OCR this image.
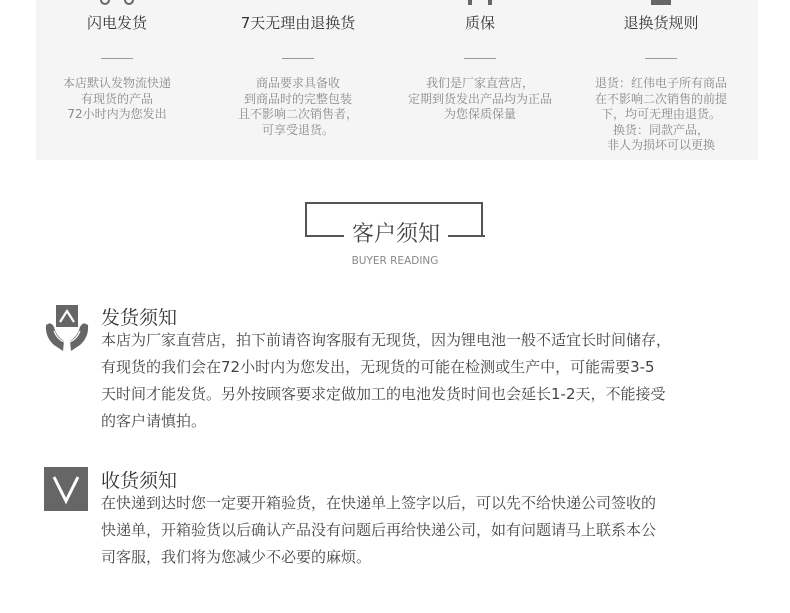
闪电发货
本店默认发物流快递
有现货的产品
72小时内为您发出
7天无理由退换货
商品要求具备收
到商品时的完整包装
且不影响二次销售者，
可享受退货。
质保
我们是厂家直营店，
定期到货发出产品均为正品
为您保质保量
退换货规则
退货：红伟电子所有商品
在不影响二次销售的前提
下，均可无理由退货。
换货：同款产品，
非人为损坏可以更换
客户须知
BUYER READING
发货须知
本店为厂家直营店，拍下前请咨询客服有无现货，因为锂电池一般不适宜长时间储存，
有现货的我们会在72小时内为您发出，无现货的可能在检测或生产中，可能需要3-5
天时间才能发货。另外按顾客要求定做加工的电池发货时间也会延长1-2天，不能接受
的客户请慎拍。
收货须知
在快递到达时您一定要开箱验货，在快递单上签字以后，可以先不给快递公司签收的
快递单，开箱验货以后确认产品没有问题后再给快递公司，如有问题请马上联系本公
司客服，我们将为您减少不必要的麻烦。
